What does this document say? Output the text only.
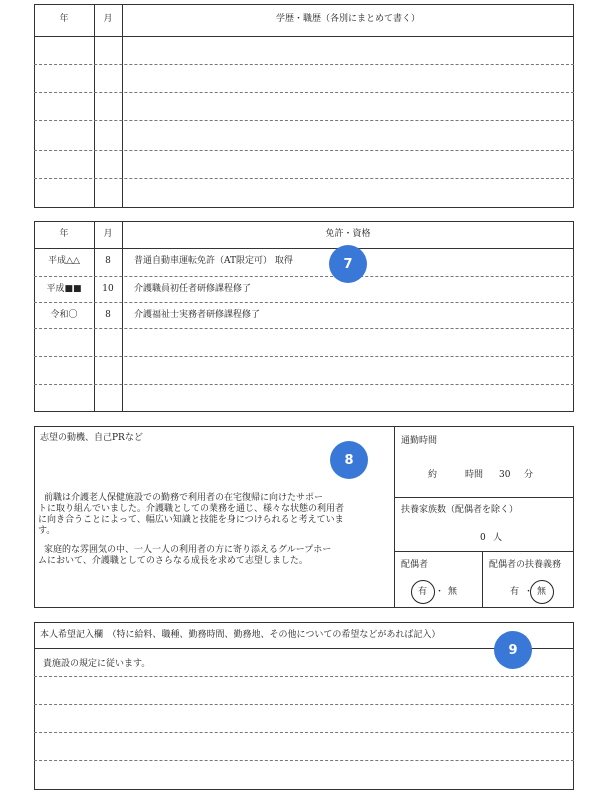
年	月	学歴・職歴（各別にまとめて書く）
年	月	免許・資格
平成△△	8	普通自動車運転免許（AT限定可） 取得
平成■■	10	介護職員初任者研修課程修了
令和〇	8	介護福祉士実務者研修課程修了
7
志望の動機、自己PRなど
8
前職は介護老人保健施設での勤務で利用者の在宅復帰に向けたサポー
トに取り組んでいました。介護職としての業務を通じ、様々な状態の利用者
に向き合うことによって、幅広い知識と技能を身につけられると考えていま
す。
家庭的な雰囲気の中、一人一人の利用者の方に寄り添えるグループホー
ムにおいて、介護職としてのさらなる成長を求めて志望しました。
通勤時間
約	時間 30 分
扶養家族数（配偶者を除く）
0 人
配偶者
有 ・ 無
配偶者の扶養義務
有 ・ 無
本人希望記入欄　（特に給料、職種、勤務時間、勤務地、その他についての希望などがあれば記入）
貴施設の規定に従います。
9
